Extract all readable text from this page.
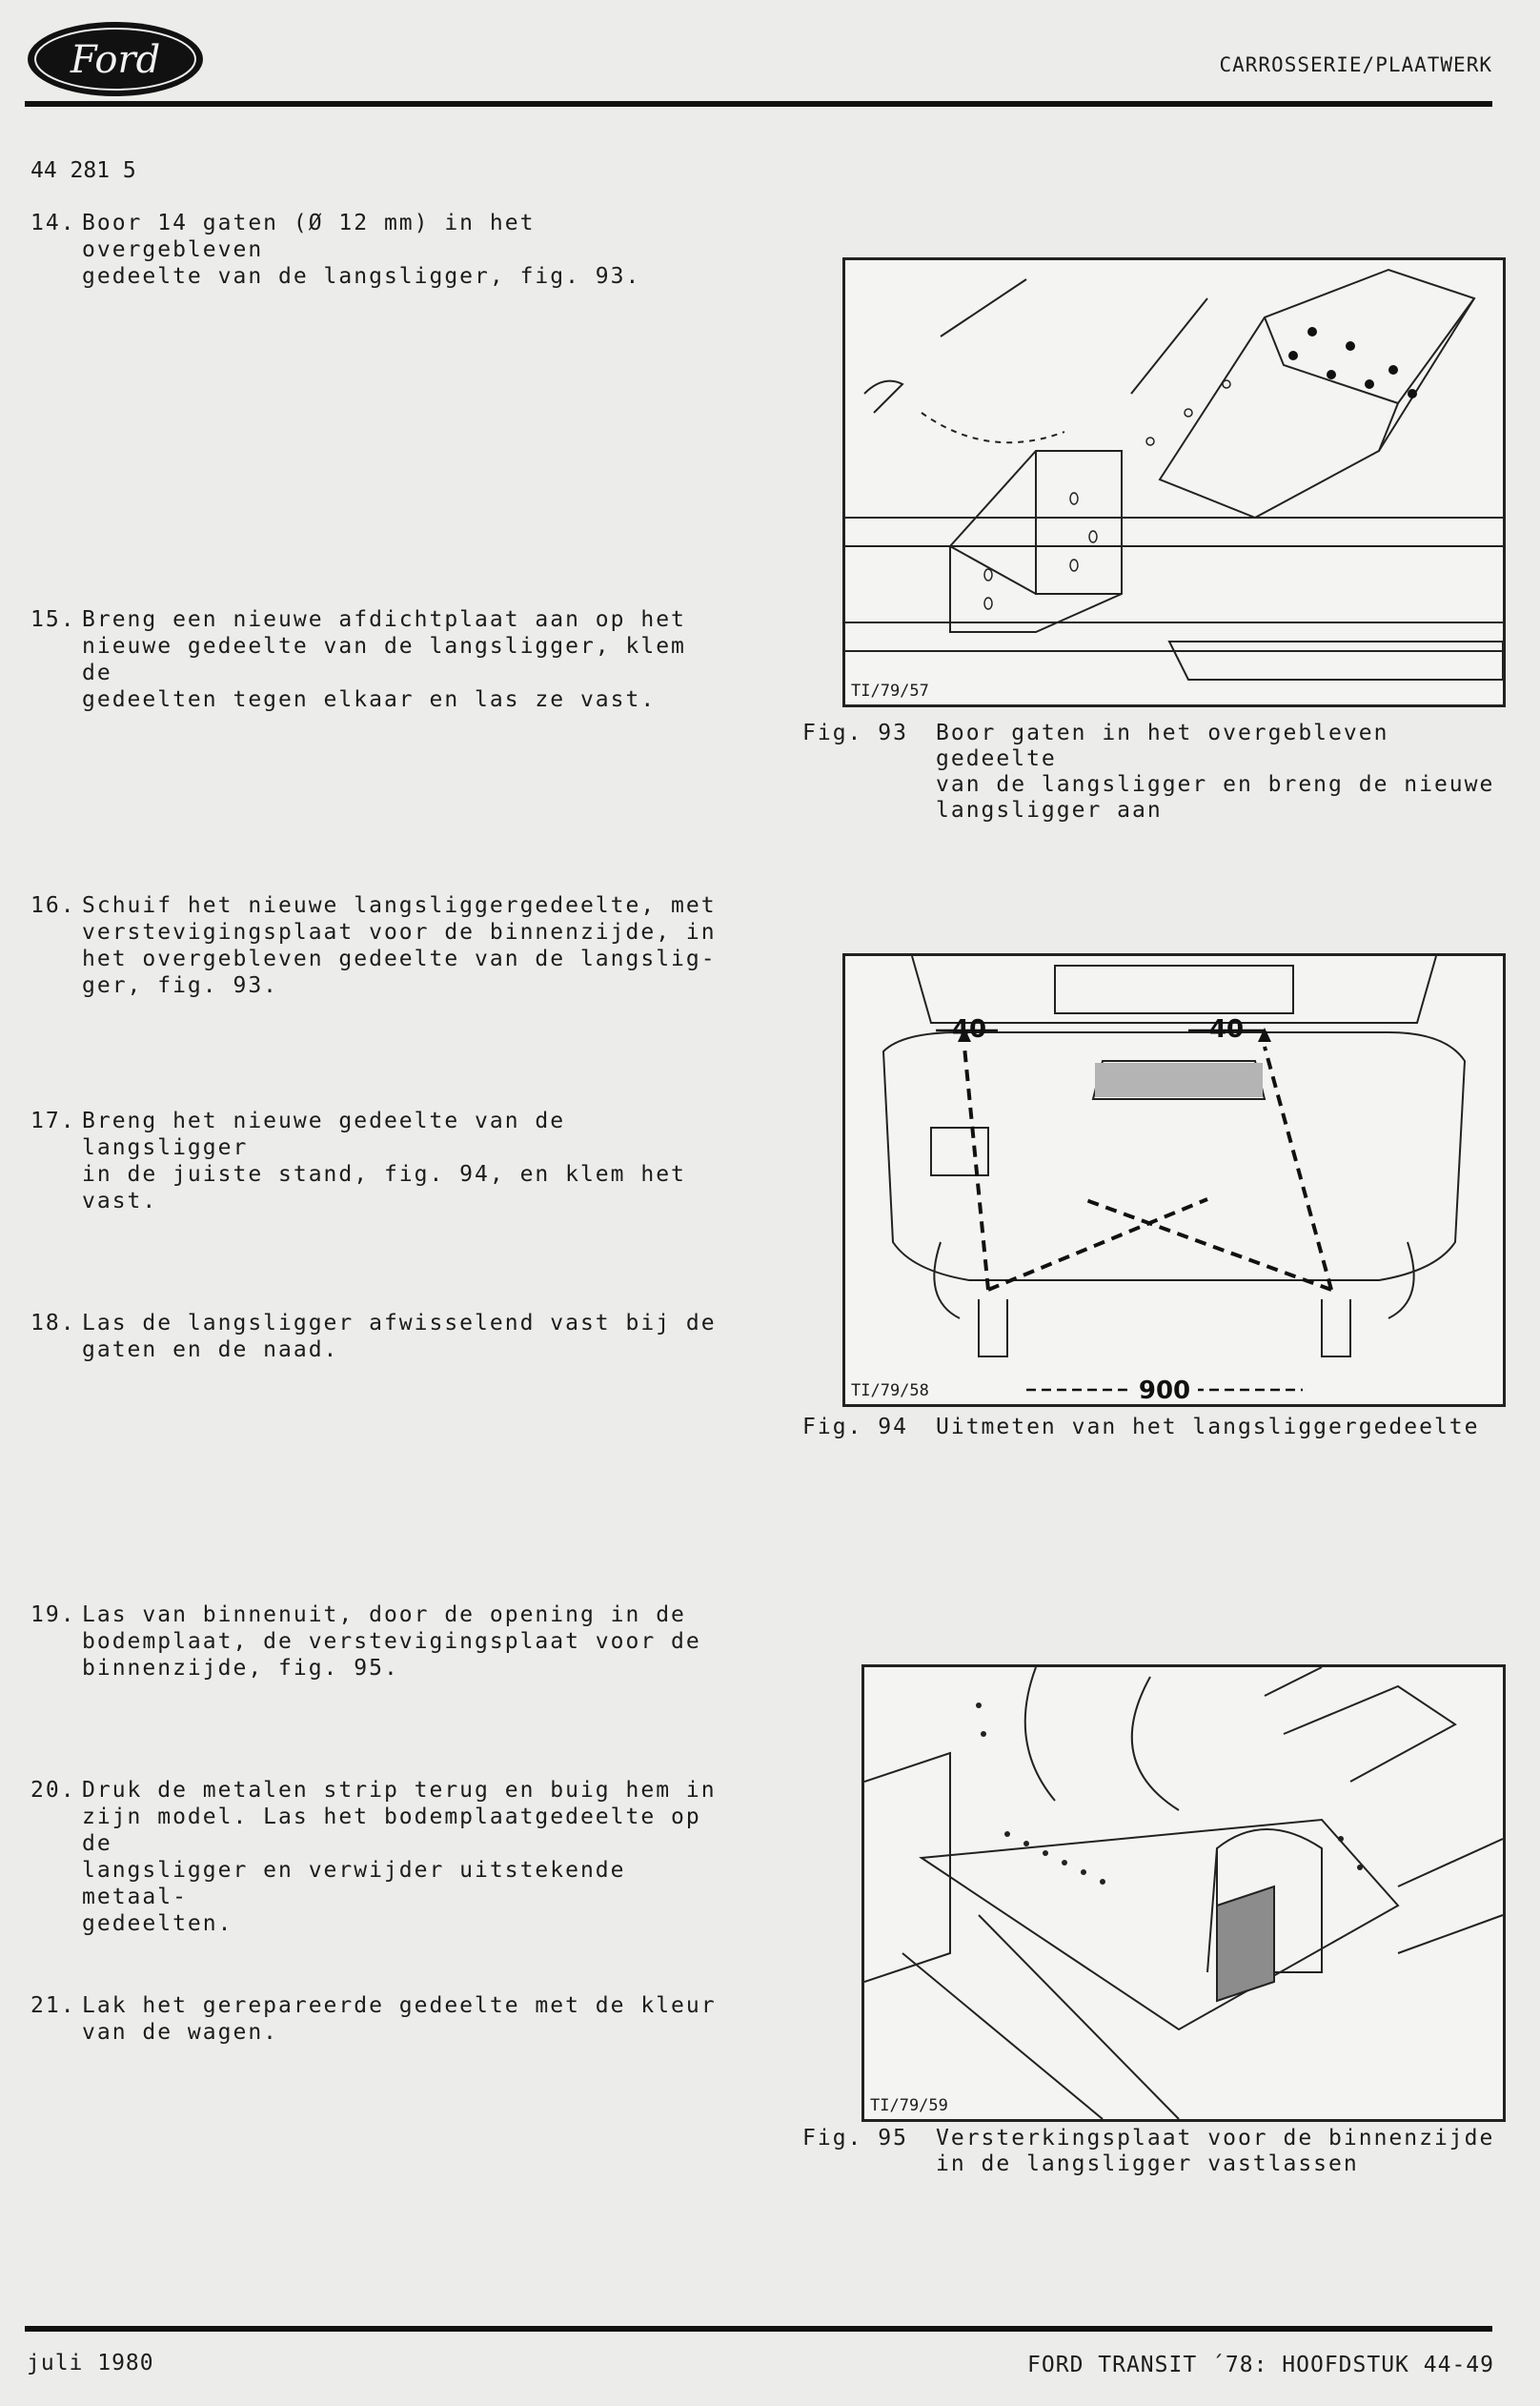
Ford	CARROSSERIE/PLAATWERK
44 281 5
14. Boor 14 gaten (Ø 12 mm) in het overgebleven
gedeelte van de langsligger, fig. 93.
15. Breng een nieuwe afdichtplaat aan op het
nieuwe gedeelte van de langsligger, klem de
gedeelten tegen elkaar en las ze vast.
16. Schuif het nieuwe langsliggergedeelte, met
verstevigingsplaat voor de binnenzijde, in
het overgebleven gedeelte van de langslig-
ger, fig. 93.
17. Breng het nieuwe gedeelte van de langsligger
in de juiste stand, fig. 94, en klem het
vast.
18. Las de langsligger afwisselend vast bij de
gaten en de naad.
19. Las van binnenuit, door de opening in de
bodemplaat, de verstevigingsplaat voor de
binnenzijde, fig. 95.
20. Druk de metalen strip terug en buig hem in
zijn model. Las het bodemplaatgedeelte op de
langsligger en verwijder uitstekende metaal-
gedeelten.
21. Lak het gerepareerde gedeelte met de kleur
van de wagen.
TI/79/57
Fig. 93 Boor gaten in het overgebleven gedeelte
van de langsligger en breng de nieuwe
langsligger aan
40	40
900
TI/79/58
Fig. 94 Uitmeten van het langsliggergedeelte
TI/79/59
Fig. 95 Versterkingsplaat voor de binnenzijde
in de langsligger vastlassen
juli 1980	FORD TRANSIT ´78: HOOFDSTUK 44-49
